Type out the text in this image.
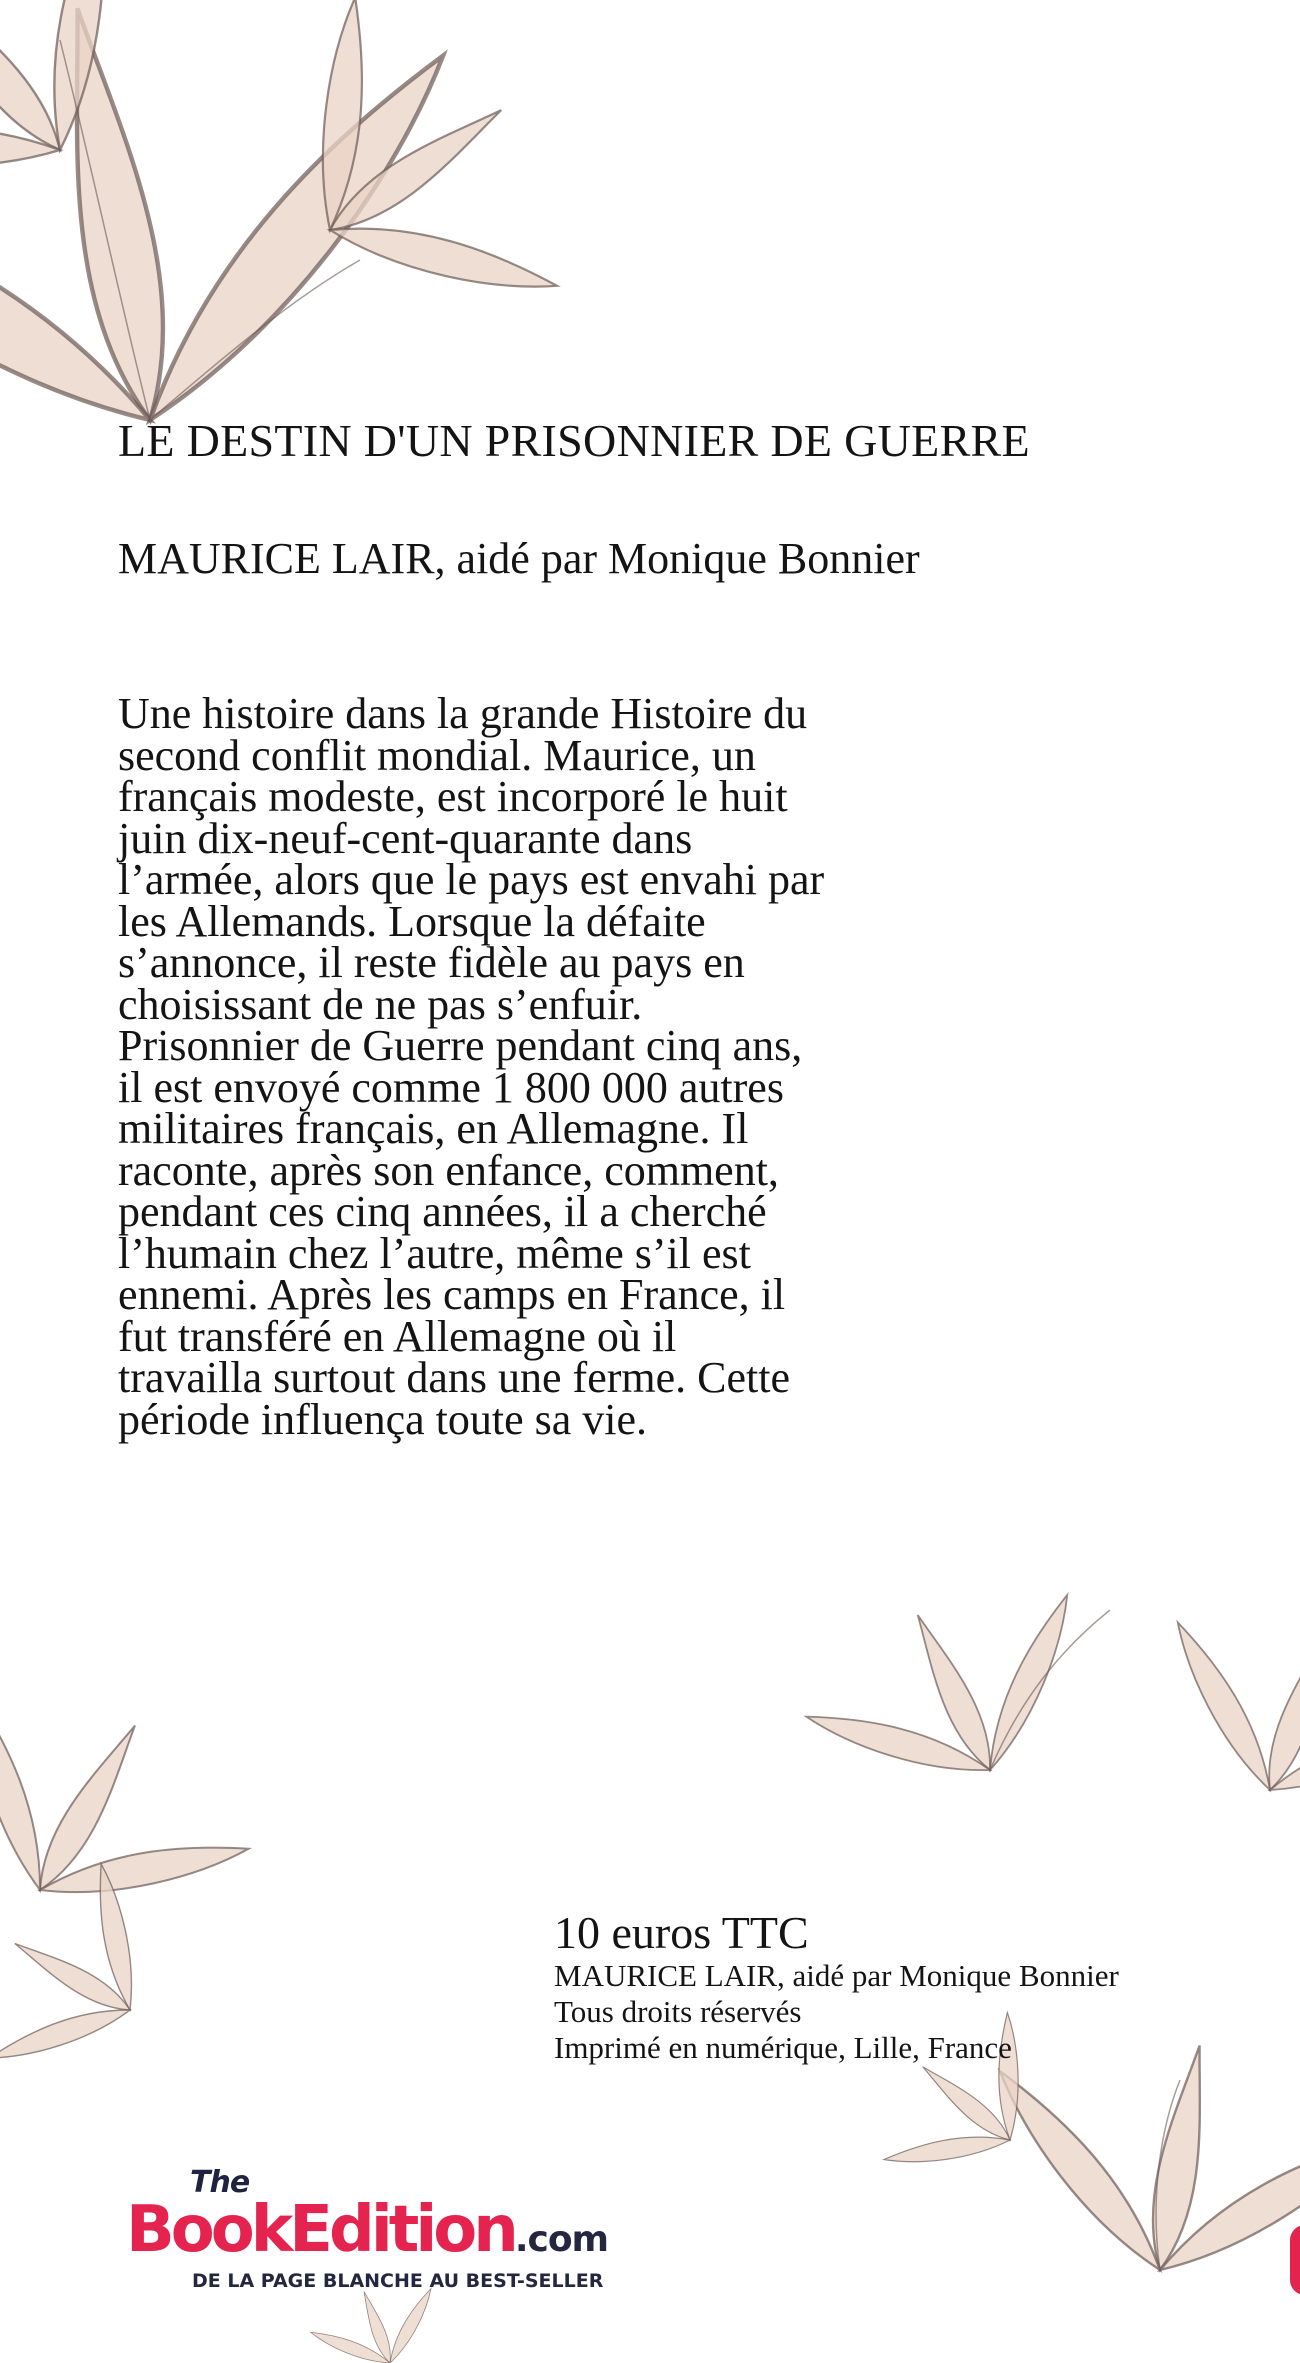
LE DESTIN D'UN PRISONNIER DE GUERRE

MAURICE LAIR, aidé par Monique Bonnier

Une histoire dans la grande Histoire du
second conflit mondial. Maurice, un
français modeste, est incorporé le huit
juin dix-neuf-cent-quarante dans
l’armée, alors que le pays est envahi par
les Allemands. Lorsque la défaite
s’annonce, il reste fidèle au pays en
choisissant de ne pas s’enfuir.
Prisonnier de Guerre pendant cinq ans,
il est envoyé comme 1 800 000 autres
militaires français, en Allemagne. Il
raconte, après son enfance, comment,
pendant ces cinq années, il a cherché
l’humain chez l’autre, même s’il est
ennemi. Après les camps en France, il
fut transféré en Allemagne où il
travailla surtout dans une ferme. Cette
période influença toute sa vie.
10 euros TTC
MAURICE LAIR, aidé par Monique Bonnier
Tous droits réservés
Imprimé en numérique, Lille, France
The
BookEdition.com
DE LA PAGE BLANCHE AU BEST-SELLER
